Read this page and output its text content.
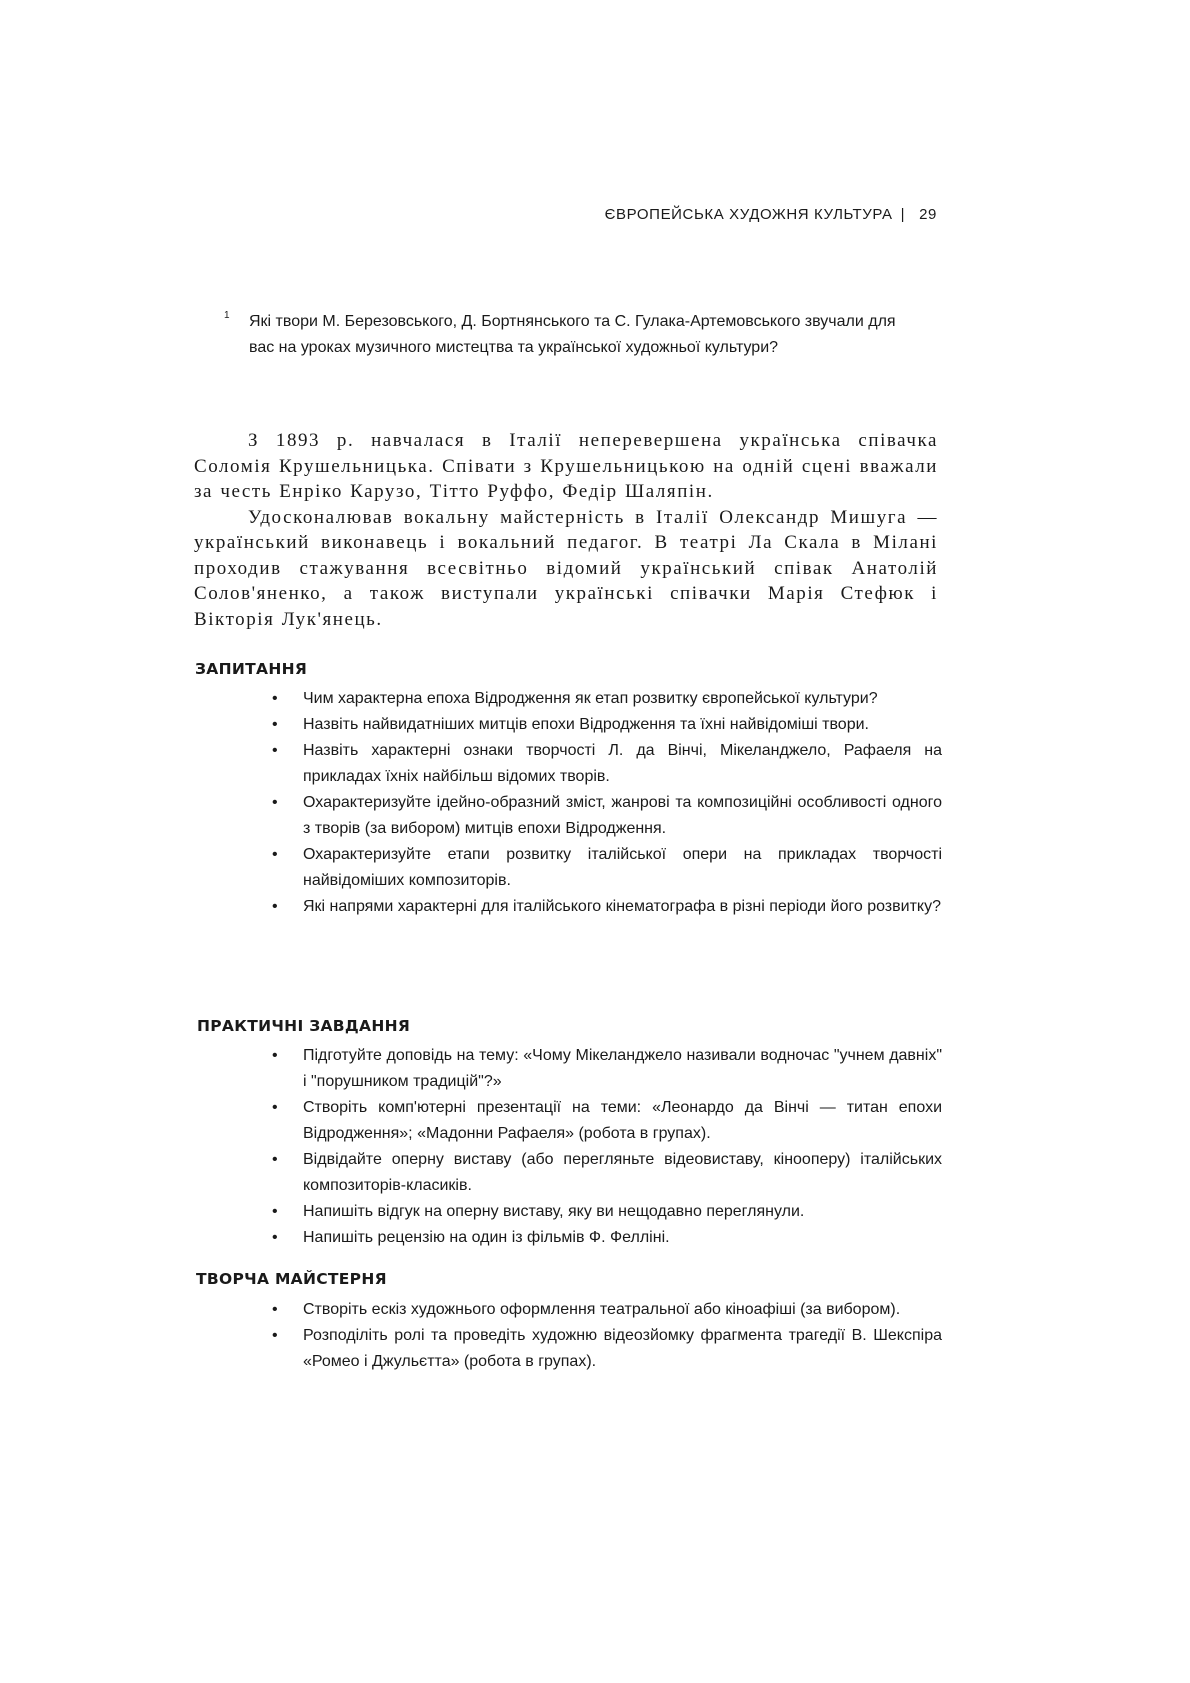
ЄВРОПЕЙСЬКА ХУДОЖНЯ КУЛЬТУРА | 29
1 Які твори М. Березовського, Д. Бортнянського та С. Гулака-Артемовського звучали для вас на уроках музичного мистецтва та української художньої культури?

З 1893 р. навчалася в Італії неперевершена українська співачка Соломія Крушельницька. Співати з Крушельницькою на одній сцені вважали за честь Енріко Карузо, Тітто Руффо, Федір Шаляпін.

Удосконалював вокальну майстерність в Італії Олександр Мишуга — український виконавець і вокальний педагог. В театрі Ла Скала в Мілані проходив стажування всесвітньо відомий український співак Анатолій Солов'яненко, а також виступали українські співачки Марія Стефюк і Вікторія Лук'янець.

ЗАПИТАННЯ
• Чим характерна епоха Відродження як етап розвитку європейської культури?
• Назвіть найвидатніших митців епохи Відродження та їхні найвідоміші твори.
• Назвіть характерні ознаки творчості Л. да Вінчі, Мікеланджело, Рафаеля на прикладах їхніх найбільш відомих творів.
• Охарактеризуйте ідейно-образний зміст, жанрові та композиційні особливості одного з творів (за вибором) митців епохи Відродження.
• Охарактеризуйте етапи розвитку італійської опери на прикладах творчості найвідоміших композиторів.
• Які напрями характерні для італійського кінематографа в різні періоди його розвитку?
ПРАКТИЧНІ ЗАВДАННЯ
• Підготуйте доповідь на тему: «Чому Мікеланджело називали водночас "учнем давніх" і "порушником традицій"?»
• Створіть комп'ютерні презентації на теми: «Леонардо да Вінчі — титан епохи Відродження»; «Мадонни Рафаеля» (робота в групах).
• Відвідайте оперну виставу (або перегляньте відеовиставу, кінооперу) італійських композиторів-класиків.
• Напишіть відгук на оперну виставу, яку ви нещодавно переглянули.
• Напишіть рецензію на один із фільмів Ф. Фелліні.
ТВОРЧА МАЙСТЕРНЯ
• Створіть ескіз художнього оформлення театральної або кіноафіші (за вибором).
• Розподіліть ролі та проведіть художню відеозйомку фрагмента трагедії В. Шекспіра «Ромео і Джульєтта» (робота в групах).
